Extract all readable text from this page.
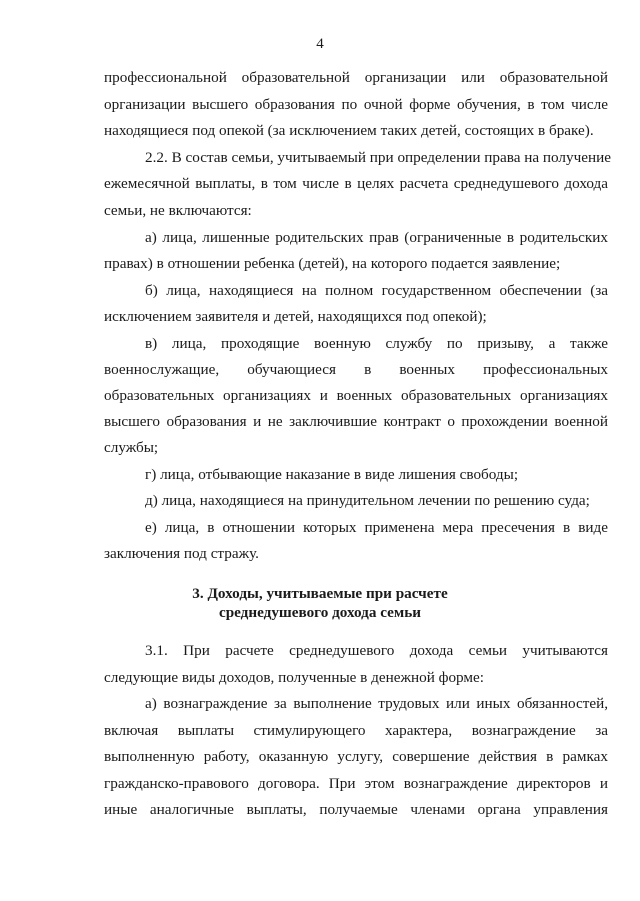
4
профессиональной образовательной организации или образовательной
организации высшего образования по очной форме обучения, в том числе
находящиеся под опекой (за исключением таких детей, состоящих в браке).
2.2. В состав семьи, учитываемый при определении права на получение
ежемесячной выплаты, в том числе в целях расчета среднедушевого дохода
семьи, не включаются:
а) лица, лишенные родительских прав (ограниченные в родительских
правах) в отношении ребенка (детей), на которого подается заявление;
б) лица, находящиеся на полном государственном обеспечении (за
исключением заявителя и детей, находящихся под опекой);
в) лица, проходящие военную службу по призыву, а также
военнослужащие, обучающиеся в военных профессиональных
образовательных организациях и военных образовательных организациях
высшего образования и не заключившие контракт о прохождении военной
службы;
г) лица, отбывающие наказание в виде лишения свободы;
д) лица, находящиеся на принудительном лечении по решению суда;
е) лица, в отношении которых применена мера пресечения в виде
заключения под стражу.
3. Доходы, учитываемые при расчете
среднедушевого дохода семьи
3.1. При расчете среднедушевого дохода семьи учитываются
следующие виды доходов, полученные в денежной форме:
а) вознаграждение за выполнение трудовых или иных обязанностей,
включая выплаты стимулирующего характера, вознаграждение за
выполненную работу, оказанную услугу, совершение действия в рамках
гражданско-правового договора. При этом вознаграждение директоров и
иные аналогичные выплаты, получаемые членами органа управления
